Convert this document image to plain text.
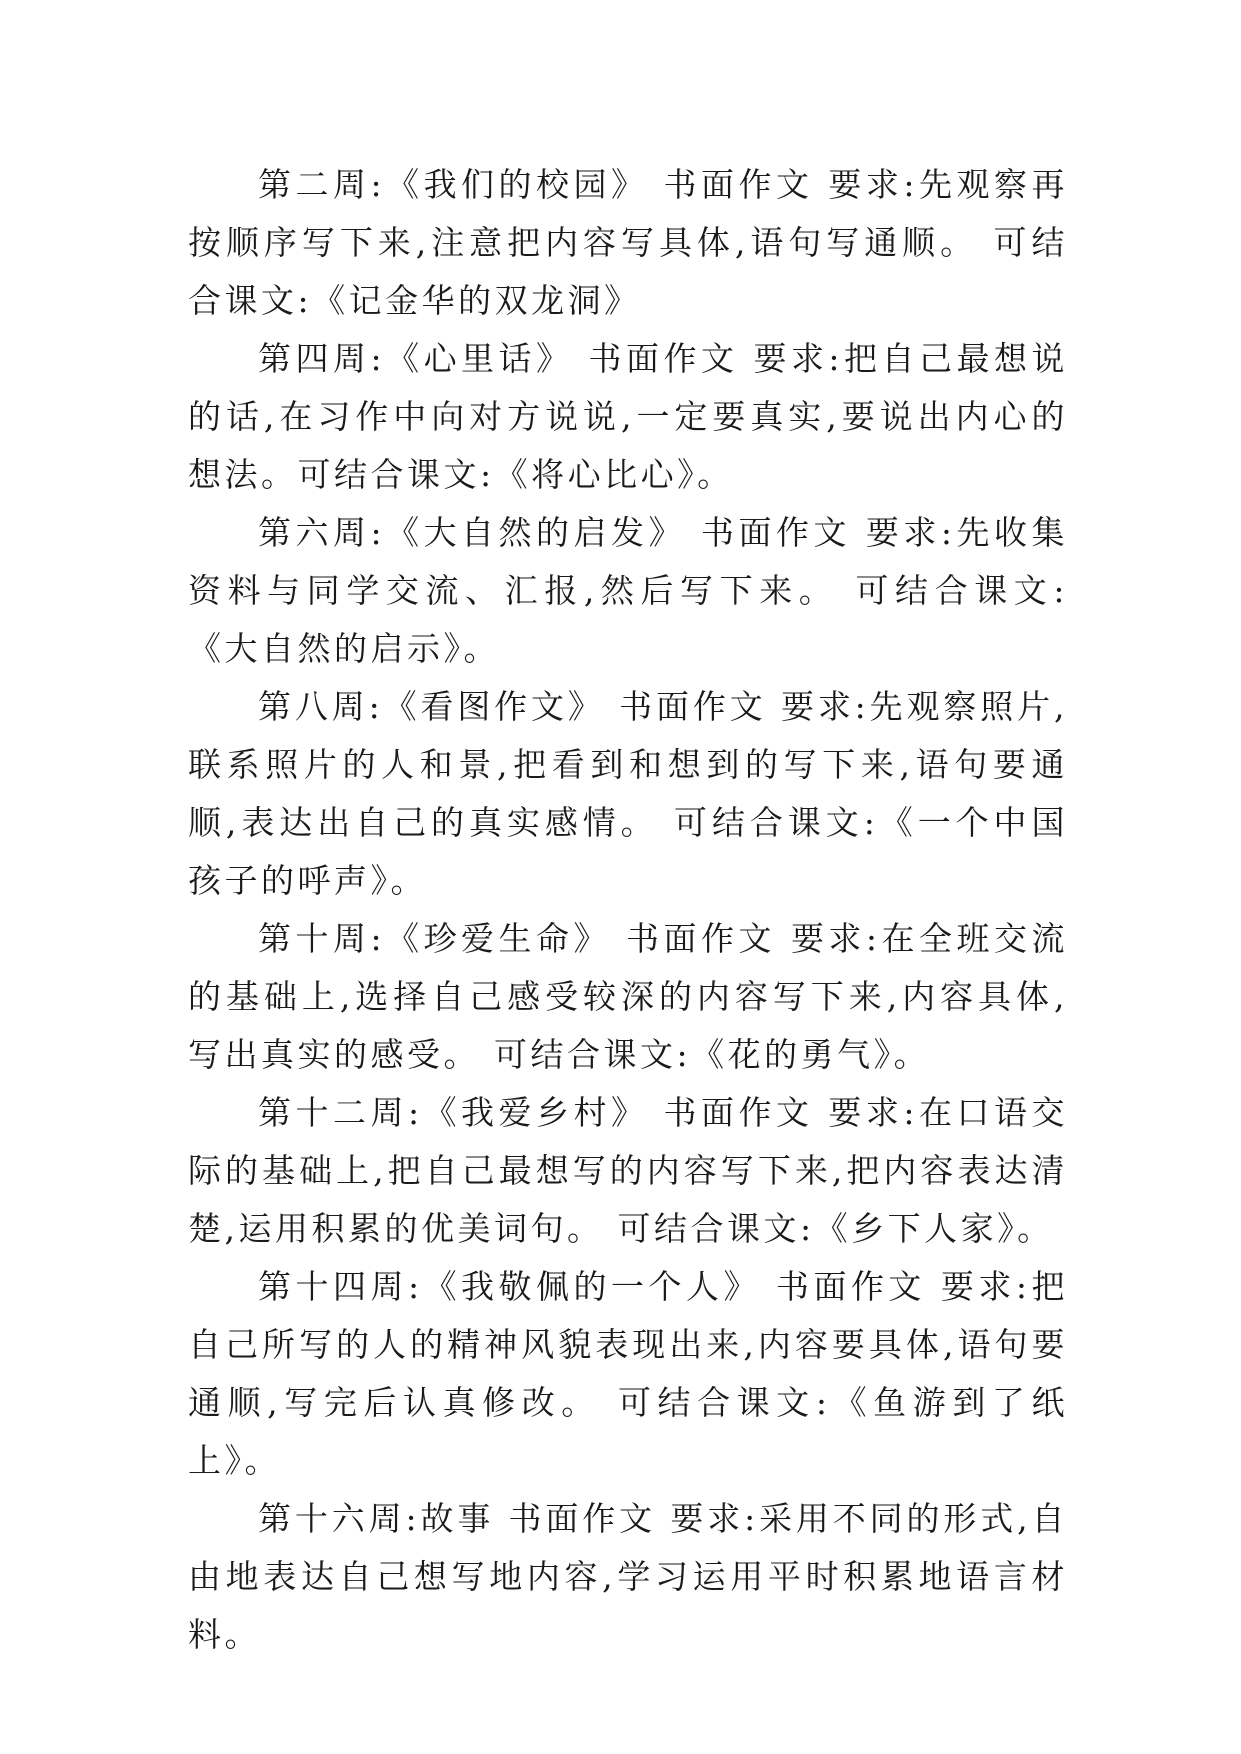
第二周:《我们的校园》 书面作文 要求:先观察再按顺序写下来,注意把内容写具体,语句写通顺。 可结合课文:《记金华的双龙洞》

第四周:《心里话》 书面作文 要求:把自己最想说的话,在习作中向对方说说,一定要真实,要说出内心的想法。可结合课文:《将心比心》。

第六周:《大自然的启发》 书面作文 要求:先收集资料与同学交流、汇报,然后写下来。 可结合课文:《大自然的启示》。

第八周:《看图作文》 书面作文 要求:先观察照片,联系照片的人和景,把看到和想到的写下来,语句要通顺,表达出自己的真实感情。 可结合课文:《一个中国孩子的呼声》。

第十周:《珍爱生命》 书面作文 要求:在全班交流的基础上,选择自己感受较深的内容写下来,内容具体,写出真实的感受。 可结合课文:《花的勇气》。

第十二周:《我爱乡村》 书面作文 要求:在口语交际的基础上,把自己最想写的内容写下来,把内容表达清楚,运用积累的优美词句。 可结合课文:《乡下人家》。

第十四周:《我敬佩的一个人》 书面作文 要求:把自己所写的人的精神风貌表现出来,内容要具体,语句要通顺,写完后认真修改。 可结合课文:《鱼游到了纸上》。

第十六周:故事 书面作文 要求:采用不同的形式,自由地表达自己想写地内容,学习运用平时积累地语言材料。
